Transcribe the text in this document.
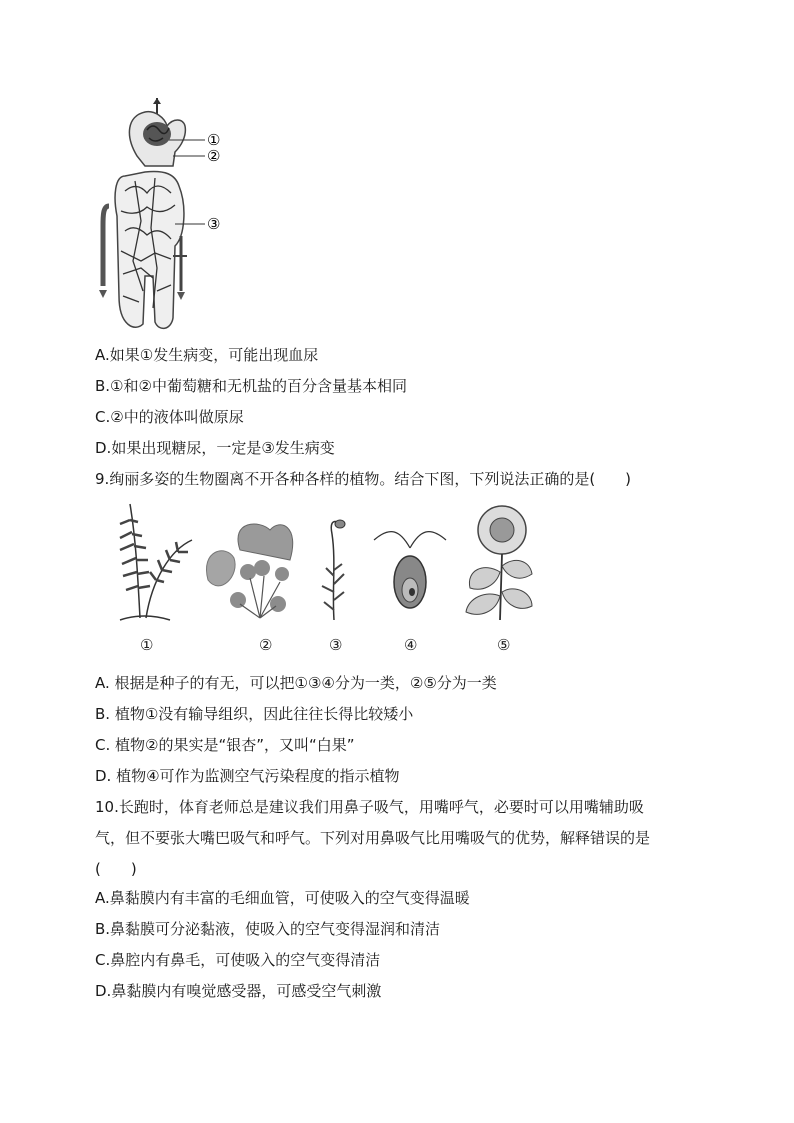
①
②
③
A.如果①发生病变，可能出现血尿
B.①和②中葡萄糖和无机盐的百分含量基本相同
C.②中的液体叫做原尿
D.如果出现糖尿，一定是③发生病变
9.绚丽多姿的生物圈离不开各种各样的植物。结合下图，下列说法正确的是(　　)
①	②	③	④	⑤
A. 根据是种子的有无，可以把①③④分为一类，②⑤分为一类
B. 植物①没有输导组织，因此往往长得比较矮小
C. 植物②的果实是“银杏”，又叫“白果”
D. 植物④可作为监测空气污染程度的指示植物
10.长跑时，体育老师总是建议我们用鼻子吸气，用嘴呼气，必要时可以用嘴辅助吸
气，但不要张大嘴巴吸气和呼气。下列对用鼻吸气比用嘴吸气的优势，解释错误的是
(　　)
A.鼻黏膜内有丰富的毛细血管，可使吸入的空气变得温暖
B.鼻黏膜可分泌黏液，使吸入的空气变得湿润和清洁
C.鼻腔内有鼻毛，可使吸入的空气变得清洁
D.鼻黏膜内有嗅觉感受器，可感受空气刺激
